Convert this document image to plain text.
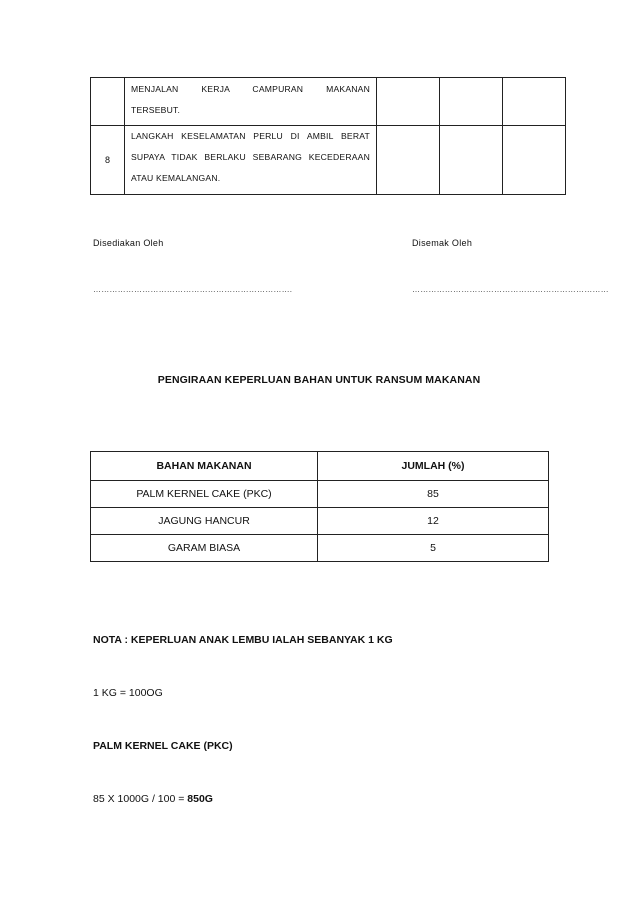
	MENJALAN KERJA CAMPURAN MAKANAN

TERSEBUT.			

8	LANGKAH KESELAMATAN PERLU DI AMBIL BERAT

SUPAYA TIDAK BERLAKU SEBARANG KECEDERAAN

ATAU KEMALANGAN.			

Disediakan Oleh	Disemak Oleh
……………………………………………………………….	………………………………………………………………
PENGIRAAN KEPERLUAN BAHAN UNTUK RANSUM MAKANAN
BAHAN MAKANAN	JUMLAH (%)
PALM KERNEL CAKE (PKC)	85
JAGUNG HANCUR	12
GARAM BIASA	5
NOTA : KEPERLUAN ANAK LEMBU IALAH SEBANYAK 1 KG
1 KG = 100OG
PALM KERNEL CAKE (PKC)
85 X 1000G / 100 = 850G
